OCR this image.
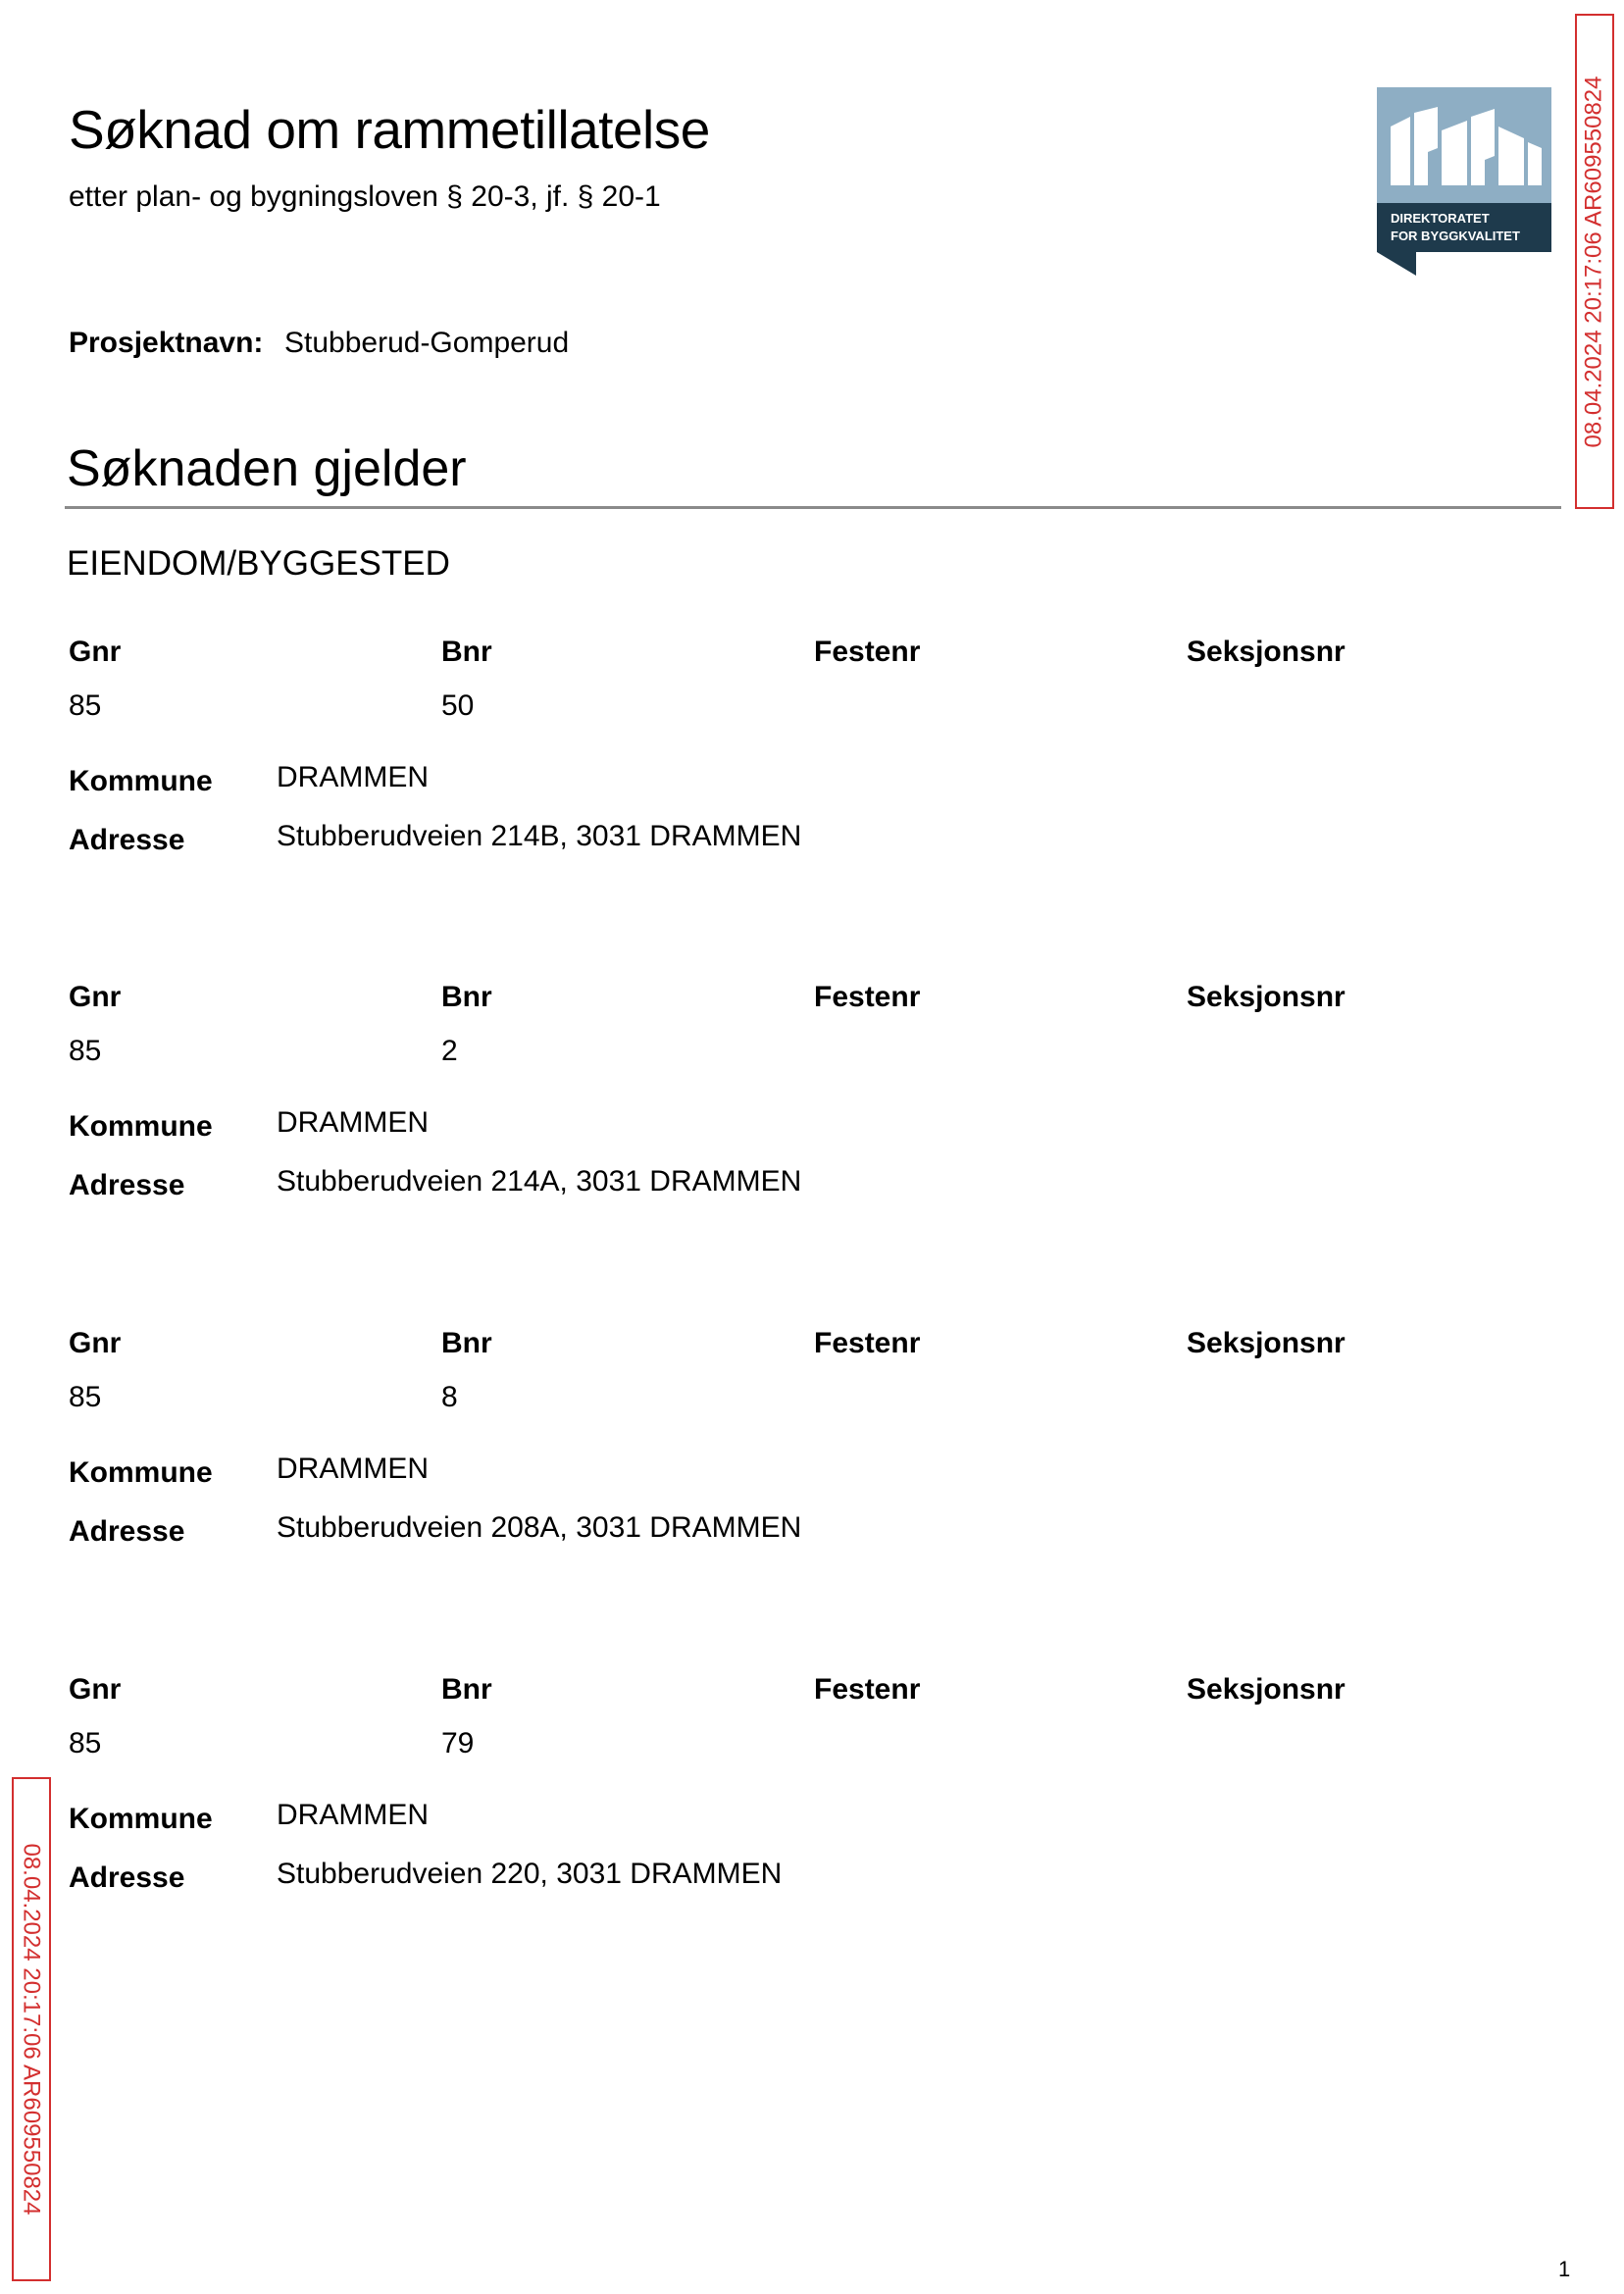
Søknad om rammetillatelse

etter plan- og bygningsloven § 20-3, jf. § 20-1

DIREKTORATET
FOR BYGGKVALITET	08.04.2024 20:17:06 AR609550824
Prosjektnavn: Stubberud-Gomperud
Søknaden gjelder
EIENDOM/BYGGESTED
Gnr	Bnr	Festenr	Seksjonsnr
85	50
Kommune DRAMMEN
Adresse	Stubberudveien 214B, 3031 DRAMMEN
Gnr	Bnr	Festenr	Seksjonsnr
85	2
Kommune DRAMMEN
Adresse	Stubberudveien 214A, 3031 DRAMMEN
Gnr	Bnr	Festenr	Seksjonsnr
85	8
Kommune DRAMMEN
Adresse	Stubberudveien 208A, 3031 DRAMMEN
Gnr	Bnr	Festenr	Seksjonsnr
85	79
Kommune DRAMMEN
Adresse	Stubberudveien 220, 3031 DRAMMEN
08.04.2024 20:17:06 AR609550824
1
